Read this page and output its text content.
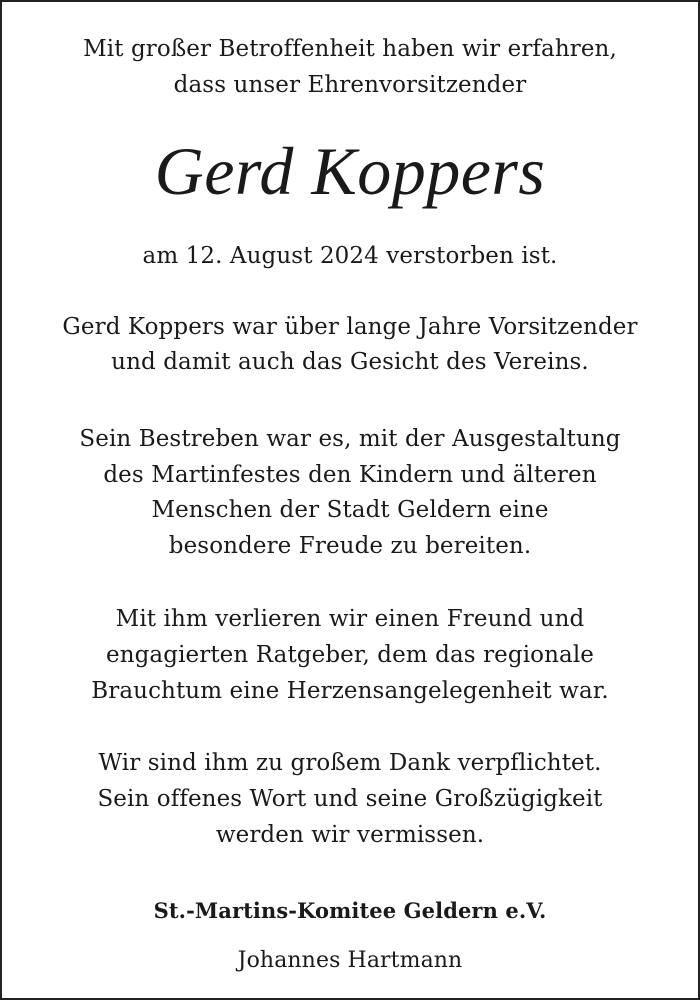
Mit großer Betroffenheit haben wir erfahren,
dass unser Ehrenvorsitzender
Gerd Koppers
am 12. August 2024 verstorben ist.
Gerd Koppers war über lange Jahre Vorsitzender
und damit auch das Gesicht des Vereins.
Sein Bestreben war es, mit der Ausgestaltung
des Martinfestes den Kindern und älteren
Menschen der Stadt Geldern eine
besondere Freude zu bereiten.
Mit ihm verlieren wir einen Freund und
engagierten Ratgeber, dem das regionale
Brauchtum eine Herzensangelegenheit war.
Wir sind ihm zu großem Dank verpflichtet.
Sein offenes Wort und seine Großzügigkeit
werden wir vermissen.
St.-Martins-Komitee Geldern e.V.
Johannes Hartmann
